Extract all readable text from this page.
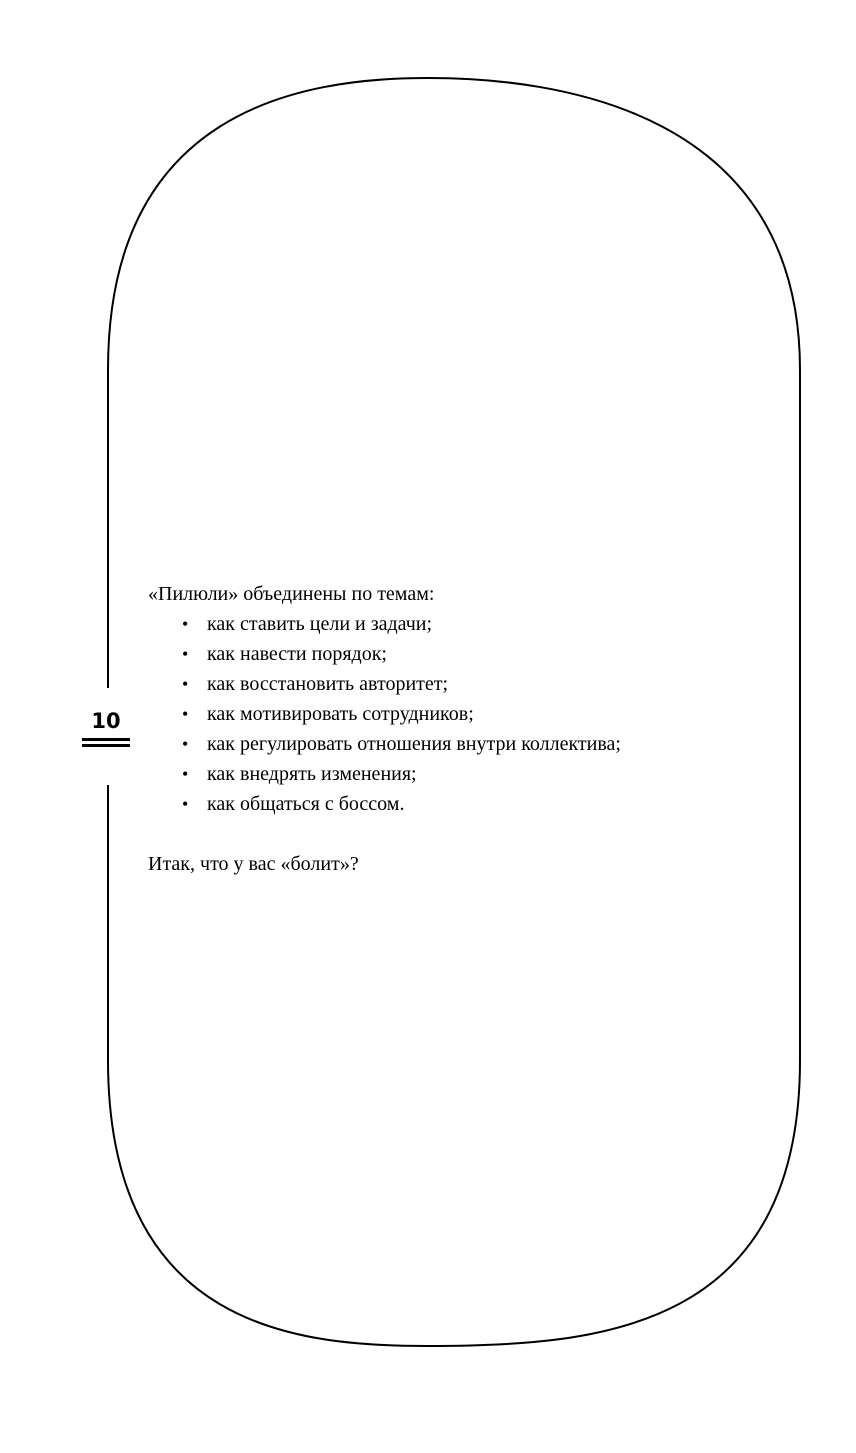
10

«Пилюли» объединены по темам:

• как ставить цели и задачи;
• как навести порядок;
• как восстановить авторитет;
• как мотивировать сотрудников;
• как регулировать отношения внутри коллектива;
• как внедрять изменения;
• как общаться с боссом.

Итак, что у вас «болит»?
